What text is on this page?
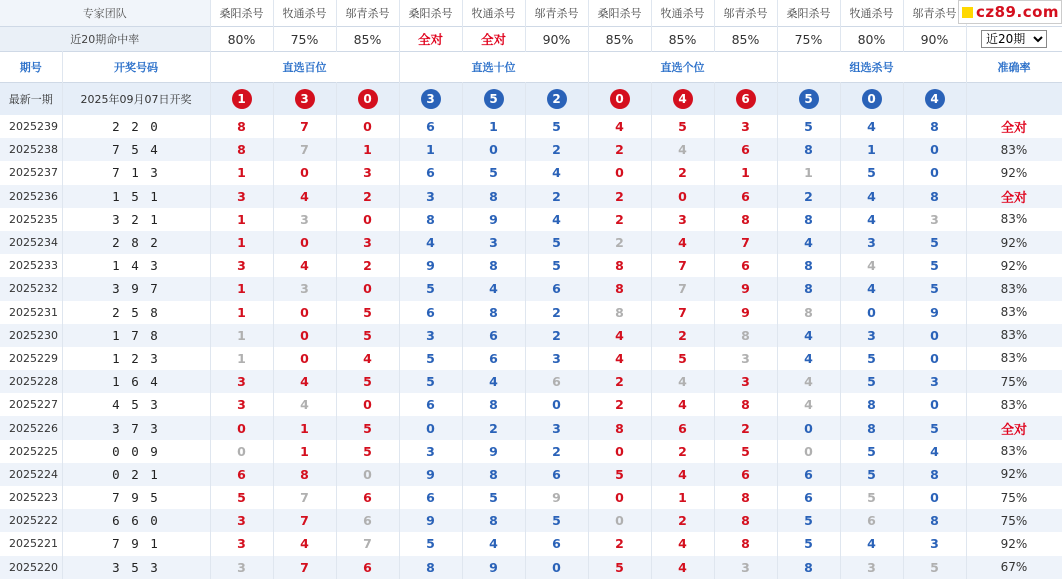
专家团队		桑阳杀号	牧通杀号	邬青杀号	桑阳杀号	牧通杀号	邬青杀号	桑阳杀号	牧通杀号	邬青杀号	桑阳杀号	牧通杀号	邬青杀号	
近20期命中率		80%	75%	85%	全对	全对	90%	85%	85%	85%	75%	80%	90%	
近20期
期号	开奖号码	直选百位			直选十位			直选个位			组选杀号			准确率
最新一期	2025年09月07日开奖	1	3	0	3	5	2	0	4	6	5	0	4	
2025239	2 2 0	8	7	0	6	1	5	4	5	3	5	4	8	全对
2025238	7 5 4	8	7	1	1	0	2	2	4	6	8	1	0	83%
2025237	7 1 3	1	0	3	6	5	4	0	2	1	1	5	0	92%
2025236	1 5 1	3	4	2	3	8	2	2	0	6	2	4	8	全对
2025235	3 2 1	1	3	0	8	9	4	2	3	8	8	4	3	83%
2025234	2 8 2	1	0	3	4	3	5	2	4	7	4	3	5	92%
2025233	1 4 3	3	4	2	9	8	5	8	7	6	8	4	5	92%
2025232	3 9 7	1	3	0	5	4	6	8	7	9	8	4	5	83%
2025231	2 5 8	1	0	5	6	8	2	8	7	9	8	0	9	83%
2025230	1 7 8	1	0	5	3	6	2	4	2	8	4	3	0	83%
2025229	1 2 3	1	0	4	5	6	3	4	5	3	4	5	0	83%
2025228	1 6 4	3	4	5	5	4	6	2	4	3	4	5	3	75%
2025227	4 5 3	3	4	0	6	8	0	2	4	8	4	8	0	83%
2025226	3 7 3	0	1	5	0	2	3	8	6	2	0	8	5	全对
2025225	0 0 9	0	1	5	3	9	2	0	2	5	0	5	4	83%
2025224	0 2 1	6	8	0	9	8	6	5	4	6	6	5	8	92%
2025223	7 9 5	5	7	6	6	5	9	0	1	8	6	5	0	75%
2025222	6 6 0	3	7	6	9	8	5	0	2	8	5	6	8	75%
2025221	7 9 1	3	4	7	5	4	6	2	4	8	5	4	3	92%
2025220	3 5 3	3	7	6	8	9	0	5	4	3	8	3	5	67%
cz89.com
